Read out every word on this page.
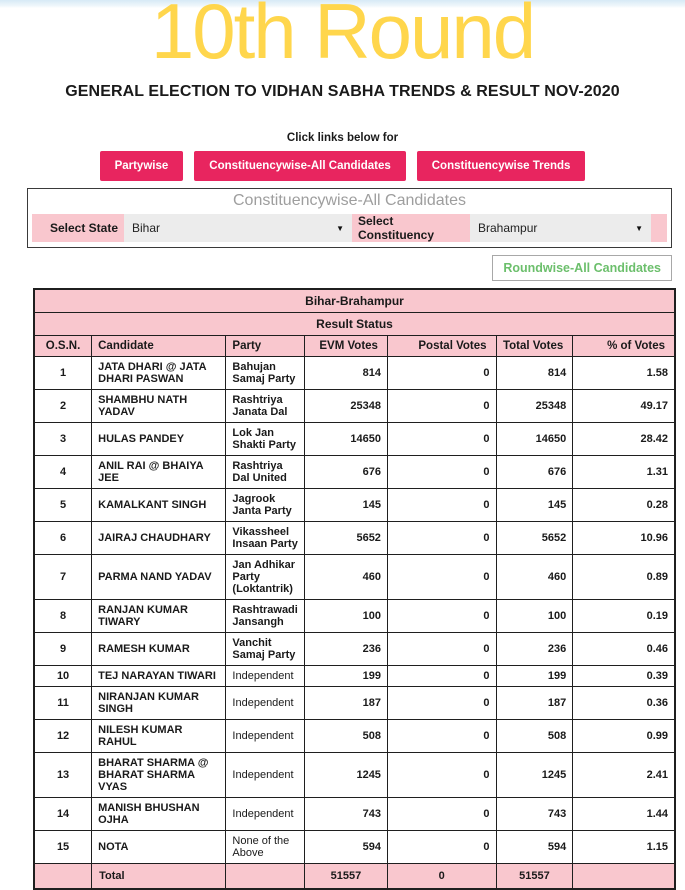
10th Round
GENERAL ELECTION TO VIDHAN SABHA TRENDS & RESULT NOV-2020
Click links below for
Partywise	Constituencywise-All Candidates	Constituencywise Trends
Constituencywise-All Candidates
Select State	Bihar	▼	Select Constituency	Brahampur	▼
Roundwise-All Candidates
Bihar-Brahampur						
Result Status						
O.S.N.	Candidate	Party	EVM Votes	Postal Votes	Total Votes	% of Votes
1	JATA DHARI @ JATA DHARI PASWAN	Bahujan Samaj Party	814	0	814	1.58
2	SHAMBHU NATH YADAV	Rashtriya Janata Dal	25348	0	25348	49.17
3	HULAS PANDEY	Lok Jan Shakti Party	14650	0	14650	28.42
4	ANIL RAI @ BHAIYA JEE	Rashtriya Dal United	676	0	676	1.31
5	KAMALKANT SINGH	Jagrook Janta Party	145	0	145	0.28
6	JAIRAJ CHAUDHARY	Vikassheel Insaan Party	5652	0	5652	10.96
7	PARMA NAND YADAV	Jan Adhikar Party (Loktantrik)	460	0	460	0.89
8	RANJAN KUMAR TIWARY	Rashtrawadi Jansangh	100	0	100	0.19
9	RAMESH KUMAR	Vanchit Samaj Party	236	0	236	0.46
10	TEJ NARAYAN TIWARI	Independent	199	0	199	0.39
11	NIRANJAN KUMAR SINGH	Independent	187	0	187	0.36
12	NILESH KUMAR RAHUL	Independent	508	0	508	0.99
13	BHARAT SHARMA @ BHARAT SHARMA VYAS	Independent	1245	0	1245	2.41
14	MANISH BHUSHAN OJHA	Independent	743	0	743	1.44
15	NOTA	None of the Above	594	0	594	1.15
	Total		51557	0	51557	
